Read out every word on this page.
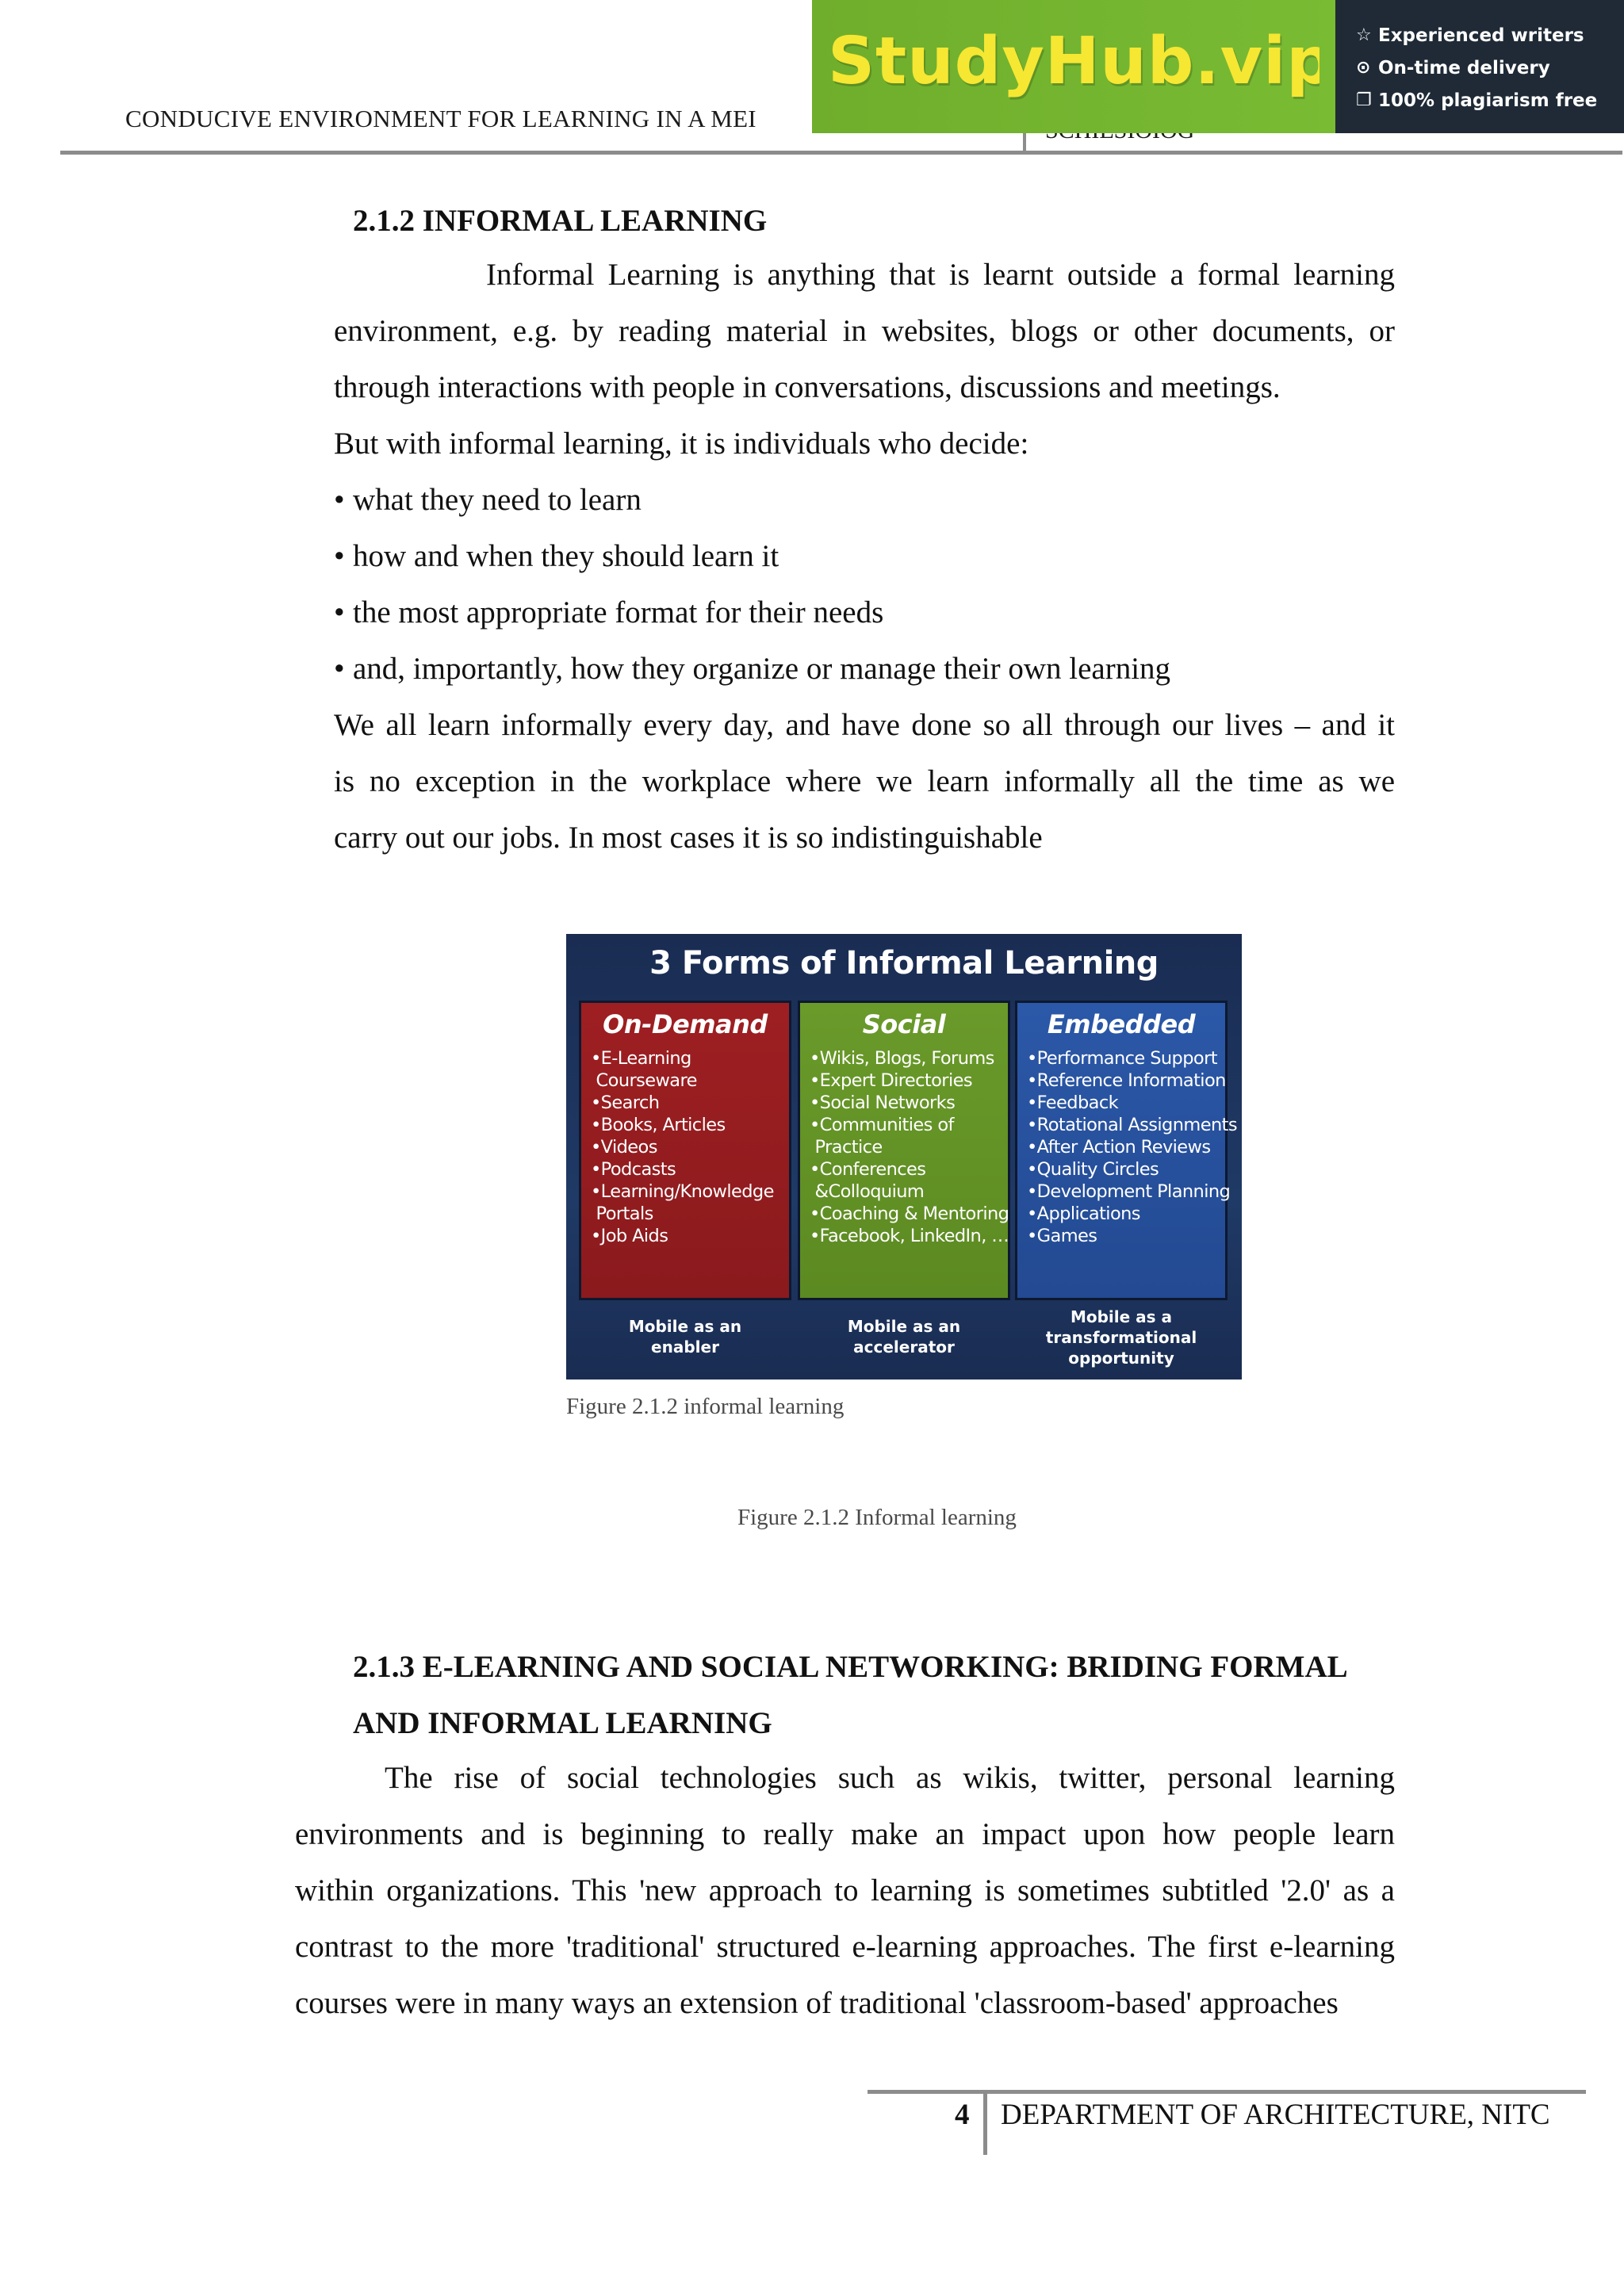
CONDUCIVE ENVIRONMENT FOR LEARNING IN A MEI
StudyHub.vip ☆ Experienced writers
⊙ On-time delivery
❐ 100% plagiarism free
2.1.2 INFORMAL LEARNING
Informal Learning is anything that is learnt outside a formal learning
environment, e.g. by reading material in websites, blogs or other documents, or
through interactions with people in conversations, discussions and meetings.
But with informal learning, it is individuals who decide:
• what they need to learn
• how and when they should learn it
• the most appropriate format for their needs
• and, importantly, how they organize or manage their own learning
We all learn informally every day, and have done so all through our lives – and it
is no exception in the workplace where we learn informally all the time as we
carry out our jobs. In most cases it is so indistinguishable
3 Forms of Informal Learning
On-Demand
•E-Learning
Courseware
•Search
•Books, Articles
•Videos
•Podcasts
•Learning/Knowledge
Portals
•Job Aids
Social
•Wikis, Blogs, Forums
•Expert Directories
•Social Networks
•Communities of
Practice
•Conferences
&Colloquium
•Coaching & Mentoring
•Facebook, LinkedIn, …
Embedded
•Performance Support
•Reference Information
•Feedback
•Rotational Assignments
•After Action Reviews
•Quality Circles
•Development Planning
•Applications
•Games
Mobile as an
enabler
Mobile as an
accelerator
Mobile as a
transformational
opportunity
Figure 2.1.2 informal learning
Figure 2.1.2 Informal learning
2.1.3 E-LEARNING AND SOCIAL NETWORKING: BRIDING FORMAL
AND INFORMAL LEARNING
The rise of social technologies such as wikis, twitter, personal learning
environments and is beginning to really make an impact upon how people learn
within organizations. This 'new approach to learning is sometimes subtitled '2.0' as a
contrast to the more 'traditional' structured e-learning approaches. The first e-learning
courses were in many ways an extension of traditional 'classroom-based' approaches
4 DEPARTMENT OF ARCHITECTURE, NITC
